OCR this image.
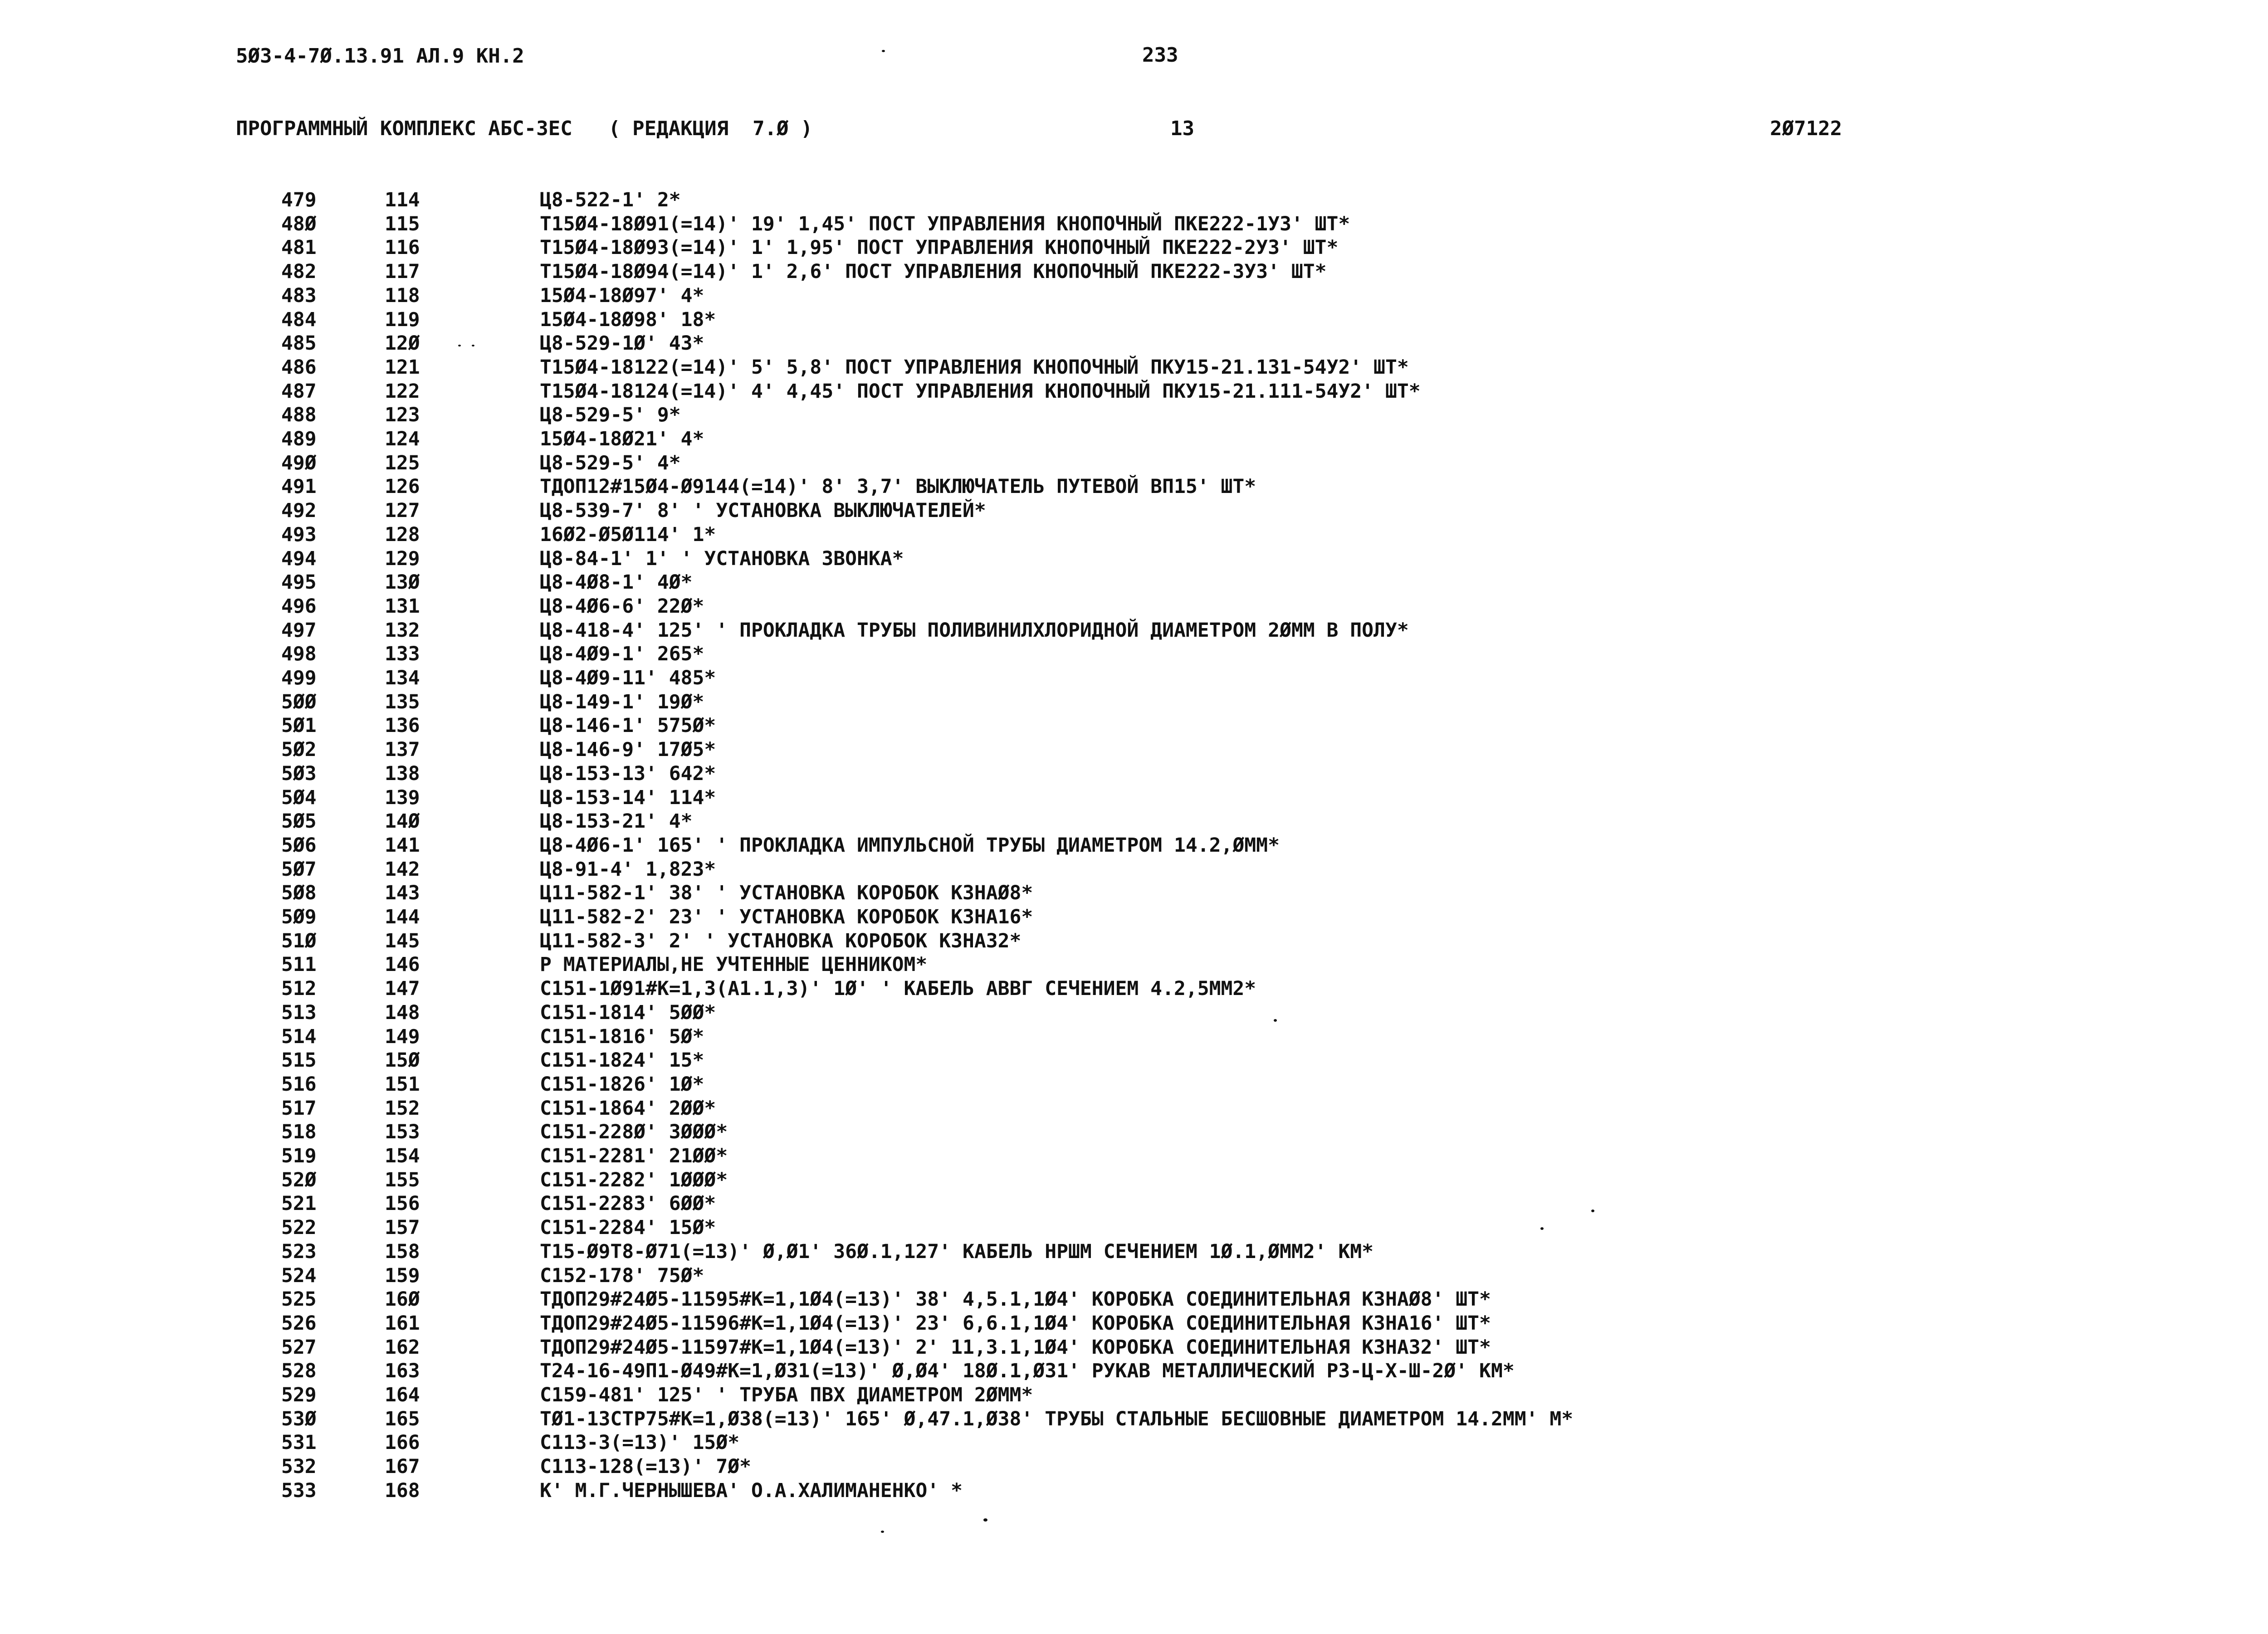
5Ø3-4-7Ø.13.91 АЛ.9 КН.2	233
ПРОГРАММНЫЙ КОМПЛЕКС АБС-3ЕС   ( РЕДАКЦИЯ  7.Ø )	13	2Ø7122
479	114	Ц8-522-1' 2*
48Ø	115	Т15Ø4-18Ø91(=14)' 19' 1,45' ПОСТ УПРАВЛЕНИЯ КНОПОЧНЫЙ ПКЕ222-1У3' ШТ*
481	116	Т15Ø4-18Ø93(=14)' 1' 1,95' ПОСТ УПРАВЛЕНИЯ КНОПОЧНЫЙ ПКЕ222-2У3' ШТ*
482	117	Т15Ø4-18Ø94(=14)' 1' 2,6' ПОСТ УПРАВЛЕНИЯ КНОПОЧНЫЙ ПКЕ222-3У3' ШТ*
483	118	15Ø4-18Ø97' 4*
484	119	15Ø4-18Ø98' 18*
485	12Ø	Ц8-529-1Ø' 43*
486	121	Т15Ø4-18122(=14)' 5' 5,8' ПОСТ УПРАВЛЕНИЯ КНОПОЧНЫЙ ПКУ15-21.131-54У2' ШТ*
487	122	Т15Ø4-18124(=14)' 4' 4,45' ПОСТ УПРАВЛЕНИЯ КНОПОЧНЫЙ ПКУ15-21.111-54У2' ШТ*
488	123	Ц8-529-5' 9*
489	124	15Ø4-18Ø21' 4*
49Ø	125	Ц8-529-5' 4*
491	126	ТДОП12#15Ø4-Ø9144(=14)' 8' 3,7' ВЫКЛЮЧАТЕЛЬ ПУТЕВОЙ ВП15' ШТ*
492	127	Ц8-539-7' 8' ' УСТАНОВКА ВЫКЛЮЧАТЕЛЕЙ*
493	128	16Ø2-Ø5Ø114' 1*
494	129	Ц8-84-1' 1' ' УСТАНОВКА ЗВОНКА*
495	13Ø	Ц8-4Ø8-1' 4Ø*
496	131	Ц8-4Ø6-6' 22Ø*
497	132	Ц8-418-4' 125' ' ПРОКЛАДКА ТРУБЫ ПОЛИВИНИЛХЛОРИДНОЙ ДИАМЕТРОМ 2ØММ В ПОЛУ*
498	133	Ц8-4Ø9-1' 265*
499	134	Ц8-4Ø9-11' 485*
5ØØ	135	Ц8-149-1' 19Ø*
5Ø1	136	Ц8-146-1' 575Ø*
5Ø2	137	Ц8-146-9' 17Ø5*
5Ø3	138	Ц8-153-13' 642*
5Ø4	139	Ц8-153-14' 114*
5Ø5	14Ø	Ц8-153-21' 4*
5Ø6	141	Ц8-4Ø6-1' 165' ' ПРОКЛАДКА ИМПУЛЬСНОЙ ТРУБЫ ДИАМЕТРОМ 14.2,ØММ*
5Ø7	142	Ц8-91-4' 1,823*
5Ø8	143	Ц11-582-1' 38' ' УСТАНОВКА КОРОБОК К3НАØ8*
5Ø9	144	Ц11-582-2' 23' ' УСТАНОВКА КОРОБОК К3НА16*
51Ø	145	Ц11-582-3' 2' ' УСТАНОВКА КОРОБОК К3НА32*
511	146	Р МАТЕРИАЛЫ,НЕ УЧТЕННЫЕ ЦЕННИКОМ*
512	147	С151-1Ø91#К=1,3(А1.1,3)' 1Ø' ' КАБЕЛЬ АВВГ СЕЧЕНИЕМ 4.2,5ММ2*
513	148	С151-1814' 5ØØ*
514	149	С151-1816' 5Ø*
515	15Ø	С151-1824' 15*
516	151	С151-1826' 1Ø*
517	152	С151-1864' 2ØØ*
518	153	С151-228Ø' 3ØØØ*
519	154	С151-2281' 21ØØ*
52Ø	155	С151-2282' 1ØØØ*
521	156	С151-2283' 6ØØ*
522	157	С151-2284' 15Ø*
523	158	Т15-Ø9Т8-Ø71(=13)' Ø,Ø1' 36Ø.1,127' КАБЕЛЬ НРШМ СЕЧЕНИЕМ 1Ø.1,ØММ2' КМ*
524	159	С152-178' 75Ø*
525	16Ø	ТДОП29#24Ø5-11595#К=1,1Ø4(=13)' 38' 4,5.1,1Ø4' КОРОБКА СОЕДИНИТЕЛЬНАЯ К3НАØ8' ШТ*
526	161	ТДОП29#24Ø5-11596#К=1,1Ø4(=13)' 23' 6,6.1,1Ø4' КОРОБКА СОЕДИНИТЕЛЬНАЯ К3НА16' ШТ*
527	162	ТДОП29#24Ø5-11597#К=1,1Ø4(=13)' 2' 11,3.1,1Ø4' КОРОБКА СОЕДИНИТЕЛЬНАЯ К3НА32' ШТ*
528	163	Т24-16-49П1-Ø49#К=1,Ø31(=13)' Ø,Ø4' 18Ø.1,Ø31' РУКАВ МЕТАЛЛИЧЕСКИЙ Р3-Ц-Х-Ш-2Ø' КМ*
529	164	С159-481' 125' ' ТРУБА ПВХ ДИАМЕТРОМ 2ØММ*
53Ø	165	ТØ1-13СТР75#К=1,Ø38(=13)' 165' Ø,47.1,Ø38' ТРУБЫ СТАЛЬНЫЕ БЕСШОВНЫЕ ДИАМЕТРОМ 14.2ММ' М*
531	166	С113-3(=13)' 15Ø*
532	167	С113-128(=13)' 7Ø*
533	168	К' М.Г.ЧЕРНЫШЕВА' О.А.ХАЛИМАНЕНКО' *
